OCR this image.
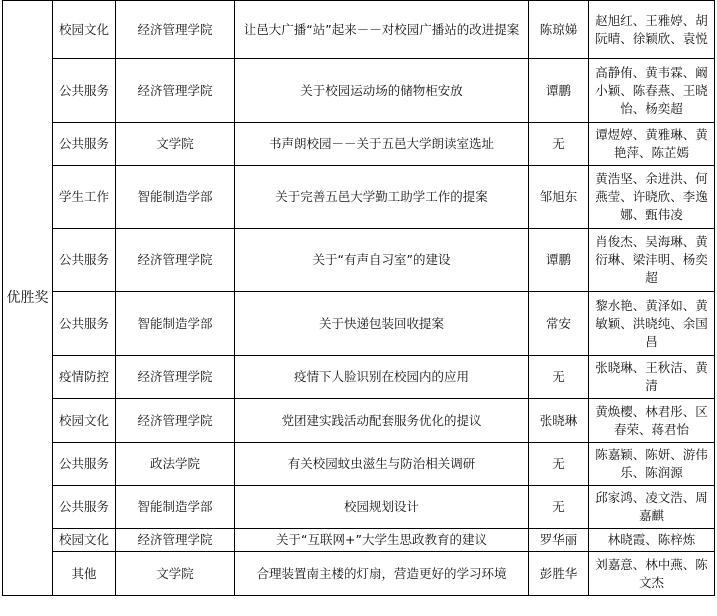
优胜奖	校园文化	经济管理学院	让邑大广播“站”起来－－对校园广播站的改进提案	陈琼娣	赵旭红、王雅婷、胡阮晴、徐颖欣、袁悦
	公共服务	经济管理学院	关于校园运动场的储物柜安放	谭鹏	高静侑、黄韦霖、阚小颖、陈春燕、王晓怡、杨奕超
	公共服务	文学院	书声朗校园－－关于五邑大学朗读室选址	无	谭煜婷、黄雅琳、黄艳萍、陈芷嫣
	学生工作	智能制造学部	关于完善五邑大学勤工助学工作的提案	邹旭东	黄浩坚、余进洪、何燕莹、许晓欣、李逸娜、甄伟凌
	公共服务	经济管理学院	关于“有声自习室”的建设	谭鹏	肖俊杰、吴海琳、黄衍琳、梁沣明、杨奕超
	公共服务	智能制造学部	关于快递包装回收提案	常安	黎水艳、黄泽如、黄敏颖、洪晓纯、余国昌
	疫情防控	经济管理学院	疫情下人脸识别在校园内的应用	无	张晓琳、王秋洁、黄清
	校园文化	经济管理学院	党团建实践活动配套服务优化的提议	张晓琳	黄焕樱、林君彤、区春荣、蒋君怡
	公共服务	政法学院	有关校园蚊虫滋生与防治相关调研	无	陈嘉颖、陈妍、游伟乐、陈润源
	公共服务	智能制造学部	校园规划设计	无	邱家鸿、凌文浩、周嘉麒
	校园文化	经济管理学院	关于“互联网+”大学生思政教育的建议	罗华丽	林晓霞、陈梓炼
	其他	文学院	合理装置南主楼的灯扇，营造更好的学习环境	彭胜华	刘嘉意、林中燕、陈文杰
